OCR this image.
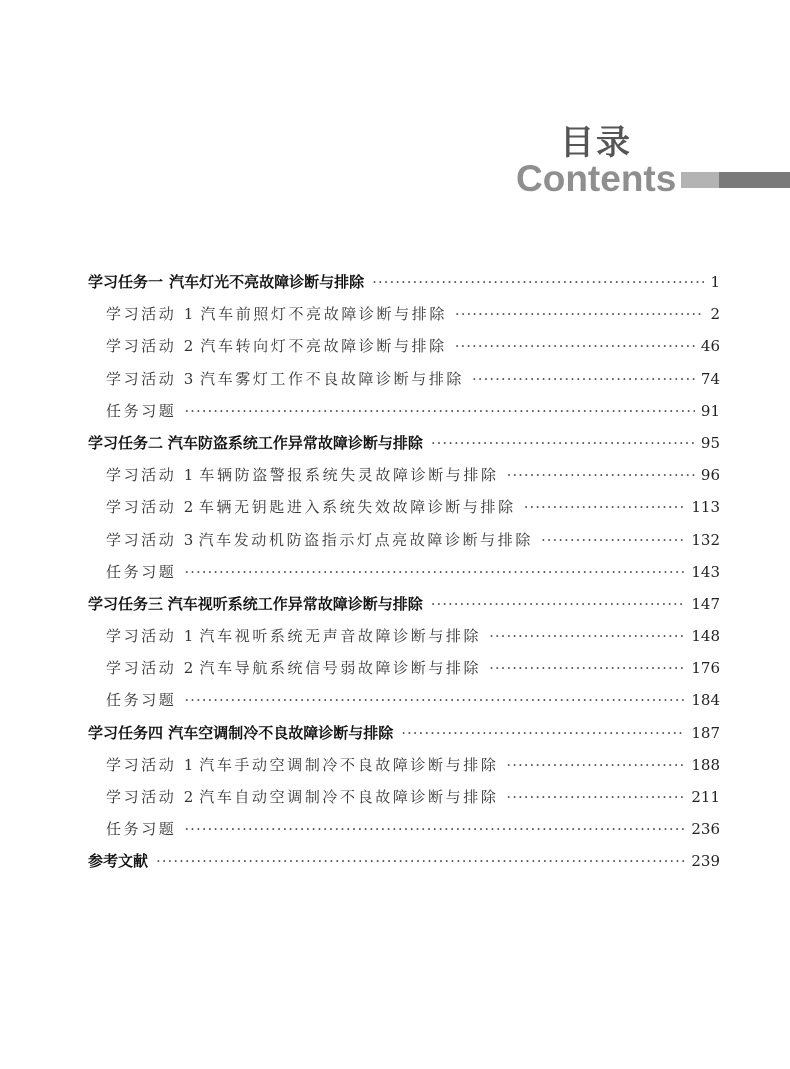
目录
Contents
学习任务一 汽车灯光不亮故障诊断与排除 ·····	1
学习活动 1 汽车前照灯不亮故障诊断与排除 ·····	2
学习活动 2 汽车转向灯不亮故障诊断与排除 ·····	46
学习活动 3 汽车雾灯工作不良故障诊断与排除 ·····	74
任务习题 ·····	91
学习任务二 汽车防盗系统工作异常故障诊断与排除 ·····	95
学习活动 1 车辆防盗警报系统失灵故障诊断与排除 ·····	96
学习活动 2 车辆无钥匙进入系统失效故障诊断与排除 ·····	113
学习活动 3 汽车发动机防盗指示灯点亮故障诊断与排除 ·····	132
任务习题 ·····	143
学习任务三 汽车视听系统工作异常故障诊断与排除 ·····	147
学习活动 1 汽车视听系统无声音故障诊断与排除 ·····	148
学习活动 2 汽车导航系统信号弱故障诊断与排除 ·····	176
任务习题 ·····	184
学习任务四 汽车空调制冷不良故障诊断与排除 ·····	187
学习活动 1 汽车手动空调制冷不良故障诊断与排除 ·····	188
学习活动 2 汽车自动空调制冷不良故障诊断与排除 ·····	211
任务习题 ·····	236
参考文献 ·····	239
